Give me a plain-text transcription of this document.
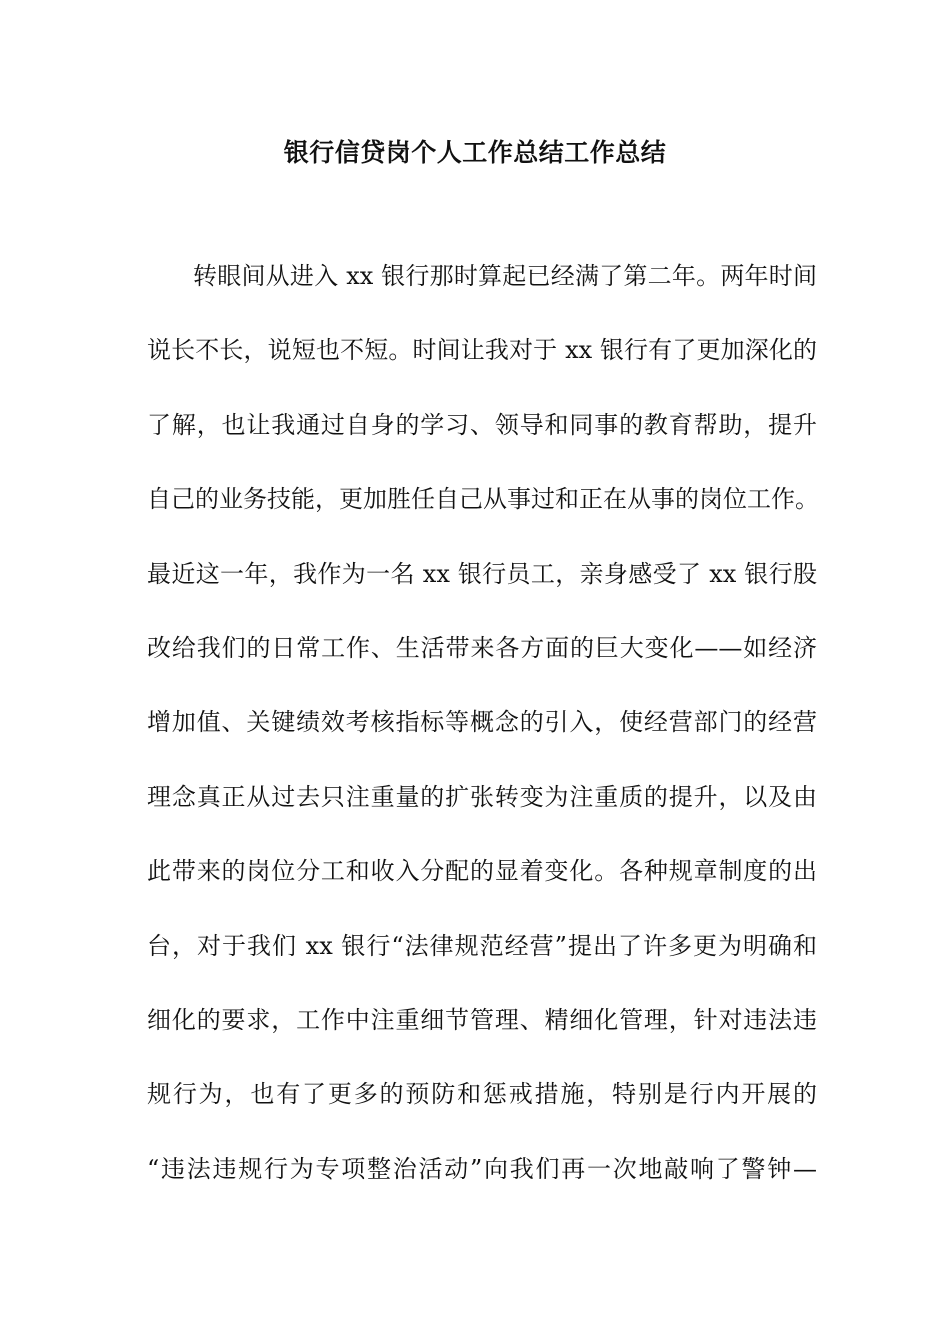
银行信贷岗个人工作总结工作总结
转眼间从进入 xx 银行那时算起已经满了第二年。两年时间
说长不长，说短也不短。时间让我对于 xx 银行有了更加深化的
了解，也让我通过自身的学习、领导和同事的教育帮助，提升
自己的业务技能，更加胜任自己从事过和正在从事的岗位工作。
最近这一年，我作为一名 xx 银行员工，亲身感受了 xx 银行股
改给我们的日常工作、生活带来各方面的巨大变化——如经济
增加值、关键绩效考核指标等概念的引入，使经营部门的经营
理念真正从过去只注重量的扩张转变为注重质的提升，以及由
此带来的岗位分工和收入分配的显着变化。各种规章制度的出
台，对于我们 xx 银行“法律规范经营”提出了许多更为明确和
细化的要求，工作中注重细节管理、精细化管理，针对违法违
规行为，也有了更多的预防和惩戒措施，特别是行内开展的
“违法违规行为专项整治活动”向我们再一次地敲响了警钟—
